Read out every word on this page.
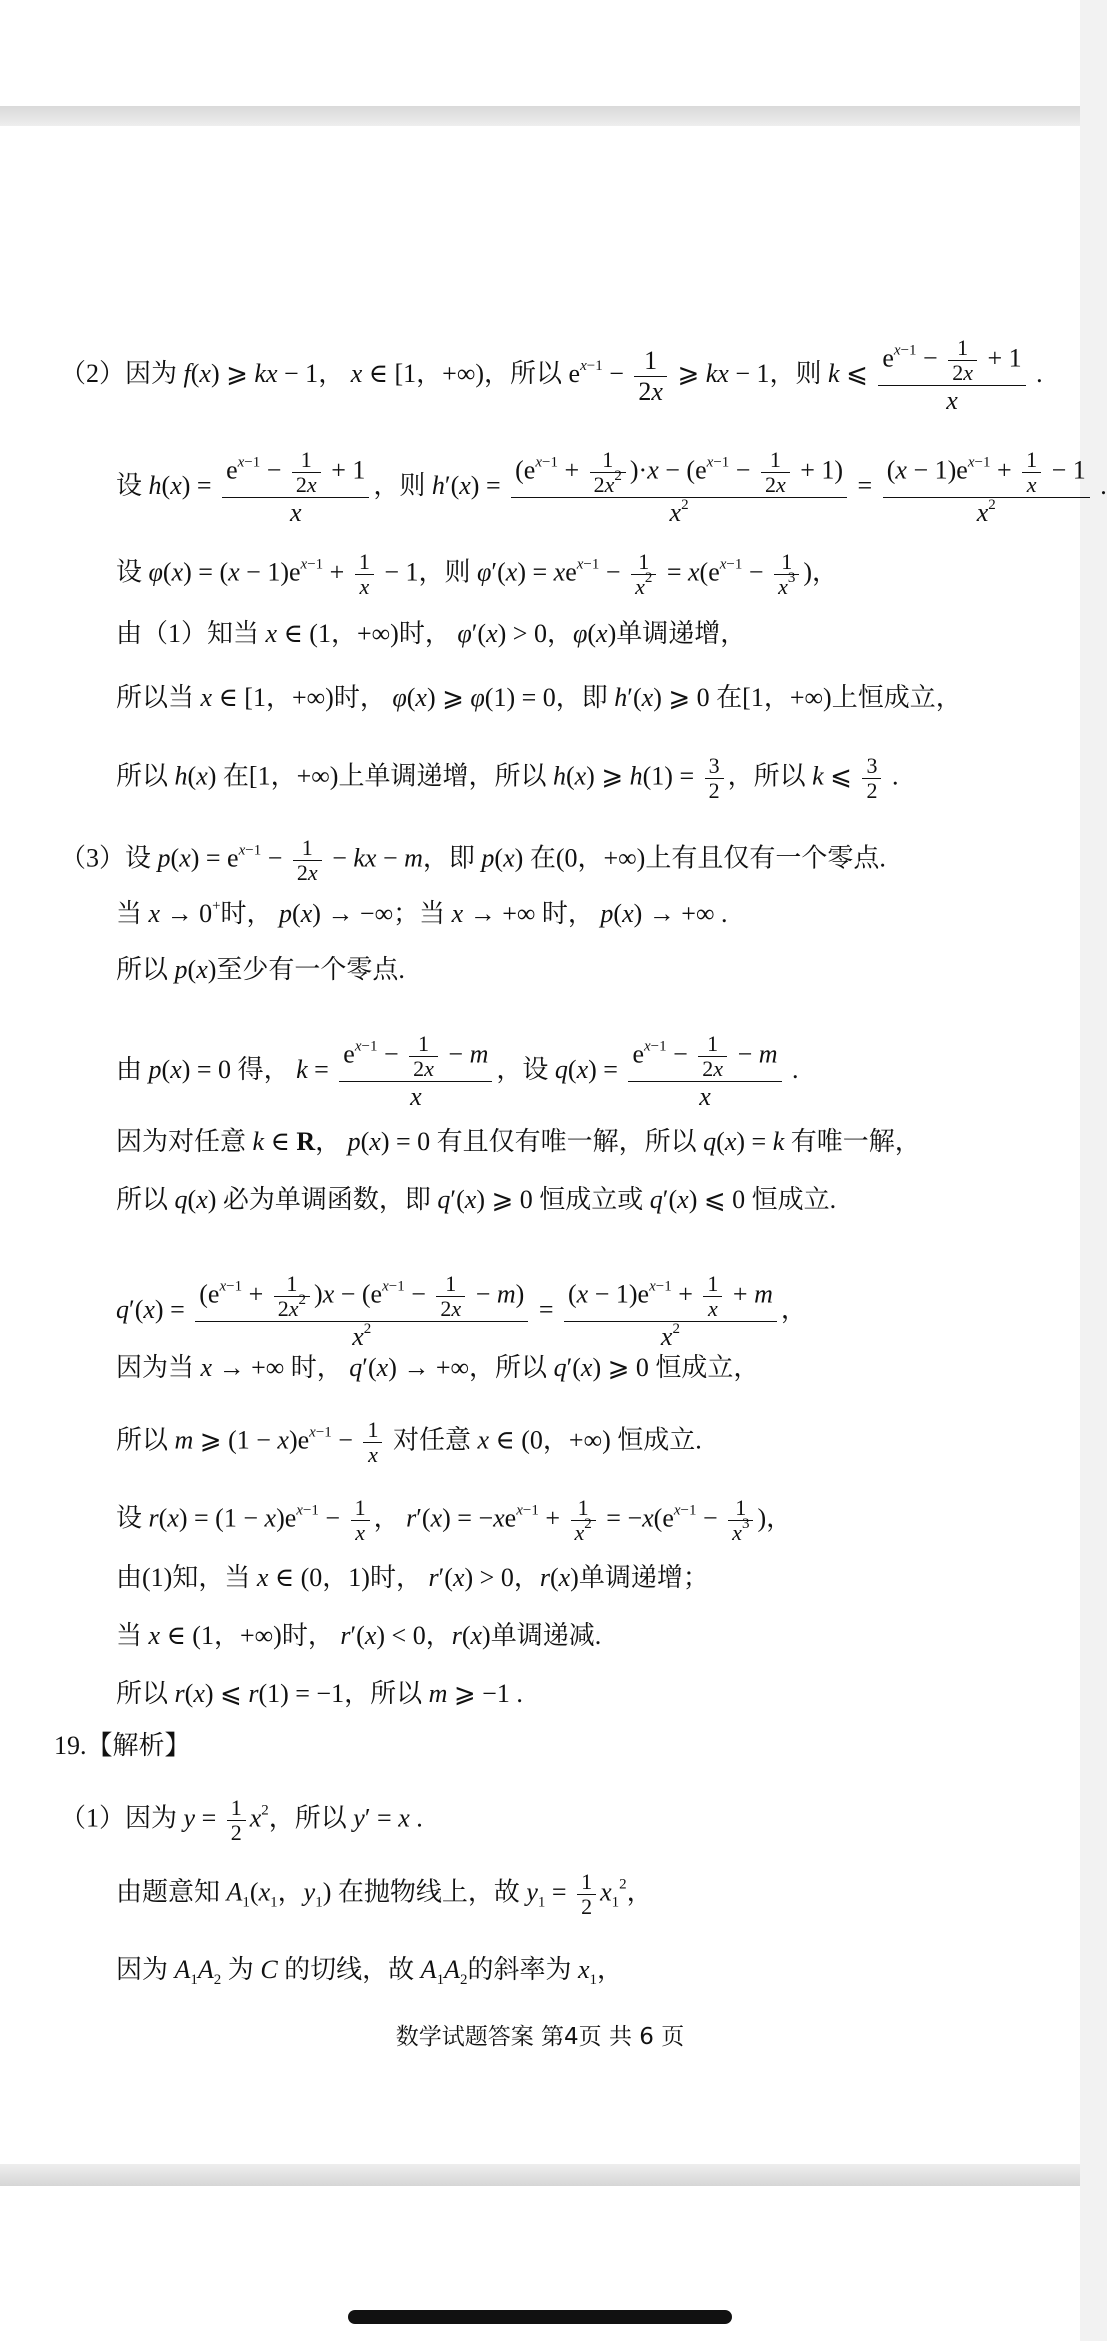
（2）因为 f(x) ⩾ kx − 1， x ∈ [1，+∞)，所以 $e^{x-1} - \frac{1}{2x}$ ⩾ kx − 1，则 k ⩽ $\frac{e^{x-1} - \frac{1}{2x} + 1}{x}$ .
设 $h(x) = \frac{e^{x-1} - \frac{1}{2x} + 1}{x}$ ，则 $h'(x) = \frac{(e^{x-1} + \frac{1}{2x^2} )\cdot x - (e^{x-1} - \frac{1}{2x} + 1)}{x^2} = \frac{(x - 1)e^{x-1} + \frac{1}{x} - 1}{x^2}$ .
设 $\varphi(x) = (x - 1)e^{x-1} + \frac{1}{x} - 1$，则 $\varphi'(x) = xe^{x-1} - \frac{1}{x^2} = x(e^{x-1} - \frac{1}{x^3}$ )，
由（1）知当 x ∈ (1，+∞)时， φ′(x) > 0，φ(x)单调递增，
所以当 x ∈ [1，+∞)时， φ(x) ⩾ φ(1) = 0，即 h′(x) ⩾ 0 在[1，+∞)上恒成立，
所以 h(x) 在[1，+∞)上单调递增，所以 h(x) ⩾ $h(1) = \frac{3}{2}$ ，所以 k ⩽ $\frac{3}{2}$ .
（3）设 $p(x) = e^{x-1} - \frac{1}{2x}$ − kx − m，即 p(x) 在(0，+∞)上有且仅有一个零点.
当 x → 0+时， p(x) → −∞；当 x → +∞ 时， p(x) → +∞ .
所以 p(x)至少有一个零点.
由 p(x) = 0 得， $k = \frac{e^{x-1} - \frac{1}{2x} - m}{x}$ ，设 $q(x) = \frac{e^{x-1} - \frac{1}{2x} - m}{x}$ .
因为对任意 k ∈ R， p(x) = 0 有且仅有唯一解，所以 q(x) = k 有唯一解，
所以 q(x) 必为单调函数，即 q′(x) ⩾ 0 恒成立或 q′(x) ⩽ 0 恒成立.
$q'(x) = \frac{(e^{x-1} + \frac{1}{2x^2} )x - (e^{x-1} - \frac{1}{2x} - m)}{x^2} = \frac{(x - 1)e^{x-1} + \frac{1}{x} + m}{x^2}$ ，
因为当 x → +∞ 时， q′(x) → +∞，所以 q′(x) ⩾ 0 恒成立，
所以 m ⩾ $(1 - x)e^{x-1} - \frac{1}{x}$ 对任意 x ∈ (0，+∞) 恒成立.
设 $r(x) = (1 - x)e^{x-1} - \frac{1}{x}$ ， $r'(x) = -xe^{x-1} + \frac{1}{x^2} = -x(e^{x-1} - \frac{1}{x^3}$ )，
由(1)知，当 x ∈ (0，1)时， r′(x) > 0，r(x)单调递增；
当 x ∈ (1，+∞)时， r′(x) < 0，r(x)单调递减.
所以 r(x) ⩽ r(1) = −1，所以 m ⩾ −1 .
19.【解析】
（1）因为 $y = \frac{1}{2} x^2$，所以 y′ = x .
由题意知 $A_1(x_1$，$y_1$) 在抛物线上，故 $y_1 = \frac{1}{2} x_1^2$，
因为 $A_1A_2$ 为 C 的切线，故 $A_1A_2$的斜率为 $x_1$，
数学试题答案 第4页 共 6 页
